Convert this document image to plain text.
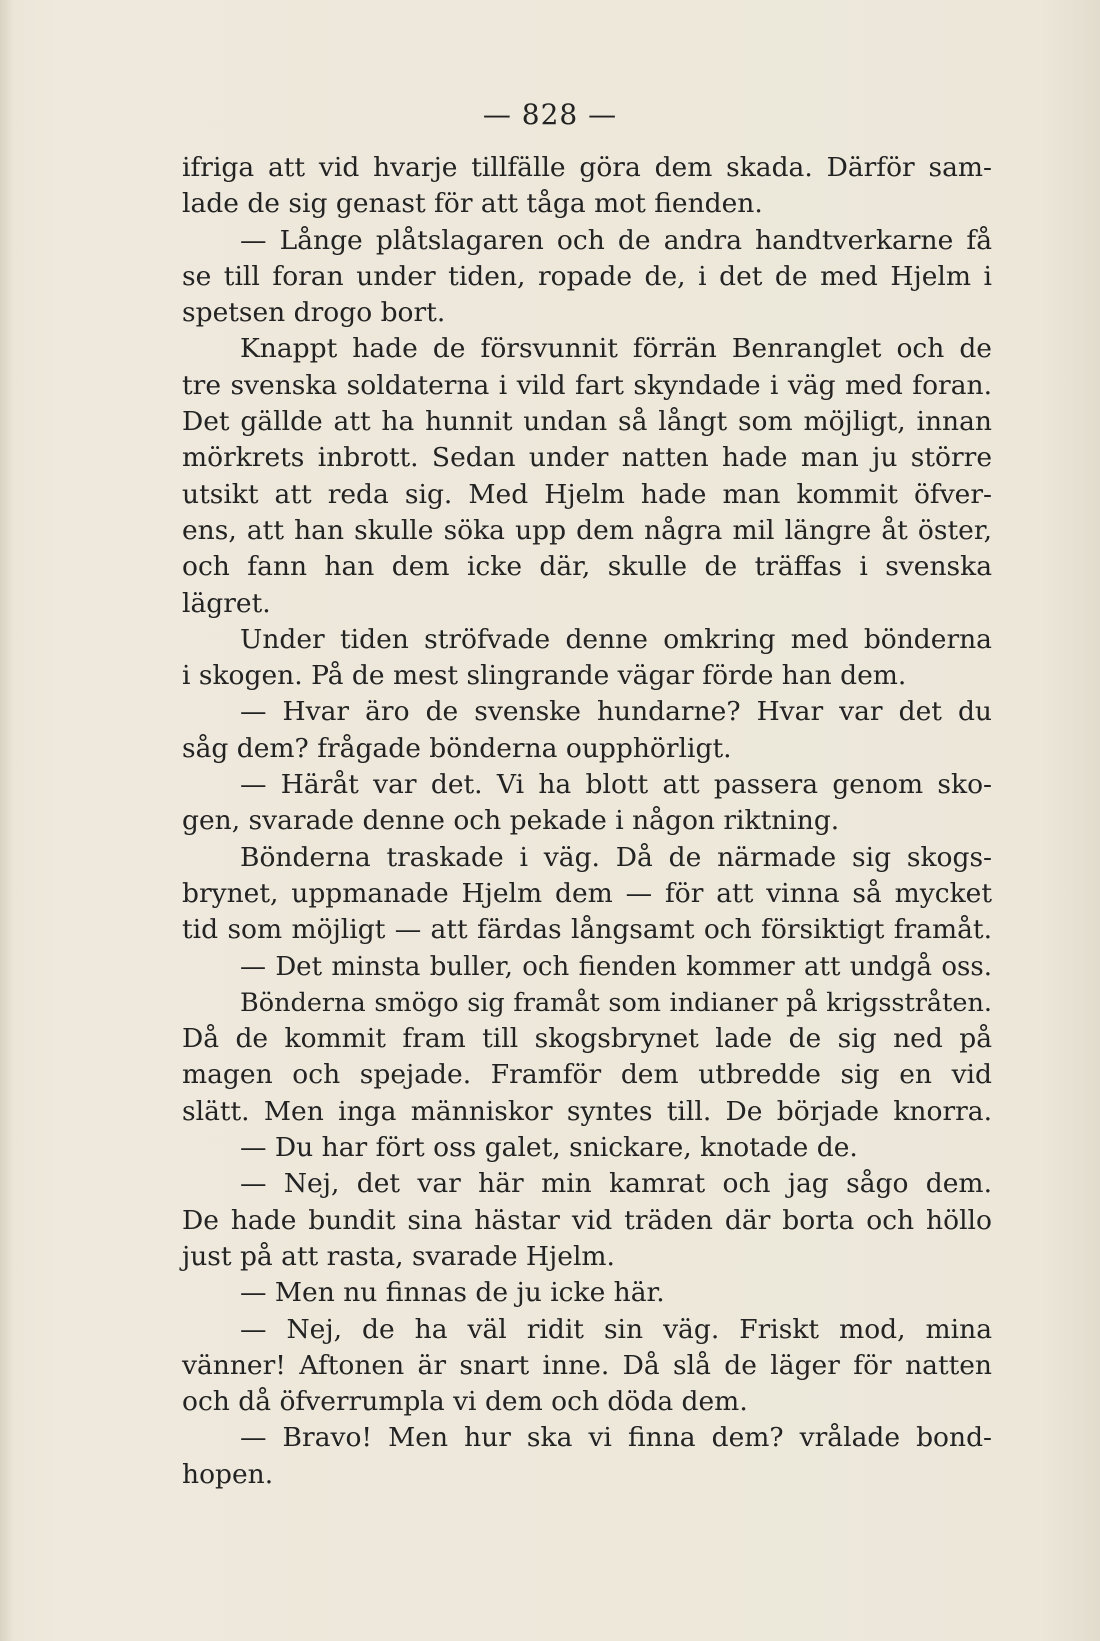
— 828 —
ifriga att vid hvarje tillfälle göra dem skada. Därför sam-
lade de sig genast för att tåga mot fienden.
— Långe plåtslagaren och de andra handtverkarne få
se till foran under tiden, ropade de, i det de med Hjelm i
spetsen drogo bort.
Knappt hade de försvunnit förrän Benranglet och de
tre svenska soldaterna i vild fart skyndade i väg med foran.
Det gällde att ha hunnit undan så långt som möjligt, innan
mörkrets inbrott. Sedan under natten hade man ju större
utsikt att reda sig. Med Hjelm hade man kommit öfver-
ens, att han skulle söka upp dem några mil längre åt öster,
och fann han dem icke där, skulle de träffas i svenska
lägret.
Under tiden ströfvade denne omkring med bönderna
i skogen. På de mest slingrande vägar förde han dem.
— Hvar äro de svenske hundarne? Hvar var det du
såg dem? frågade bönderna oupphörligt.
— Häråt var det. Vi ha blott att passera genom sko-
gen, svarade denne och pekade i någon riktning.
Bönderna traskade i väg. Då de närmade sig skogs-
brynet, uppmanade Hjelm dem — för att vinna så mycket
tid som möjligt — att färdas långsamt och försiktigt framåt.
— Det minsta buller, och fienden kommer att undgå oss.
Bönderna smögo sig framåt som indianer på krigsstråten.
Då de kommit fram till skogsbrynet lade de sig ned på
magen och spejade. Framför dem utbredde sig en vid
slätt. Men inga människor syntes till. De började knorra.
— Du har fört oss galet, snickare, knotade de.
— Nej, det var här min kamrat och jag sågo dem.
De hade bundit sina hästar vid träden där borta och höllo
just på att rasta, svarade Hjelm.
— Men nu finnas de ju icke här.
— Nej, de ha väl ridit sin väg. Friskt mod, mina
vänner! Aftonen är snart inne. Då slå de läger för natten
och då öfverrumpla vi dem och döda dem.
— Bravo! Men hur ska vi finna dem? vrålade bond-
hopen.
